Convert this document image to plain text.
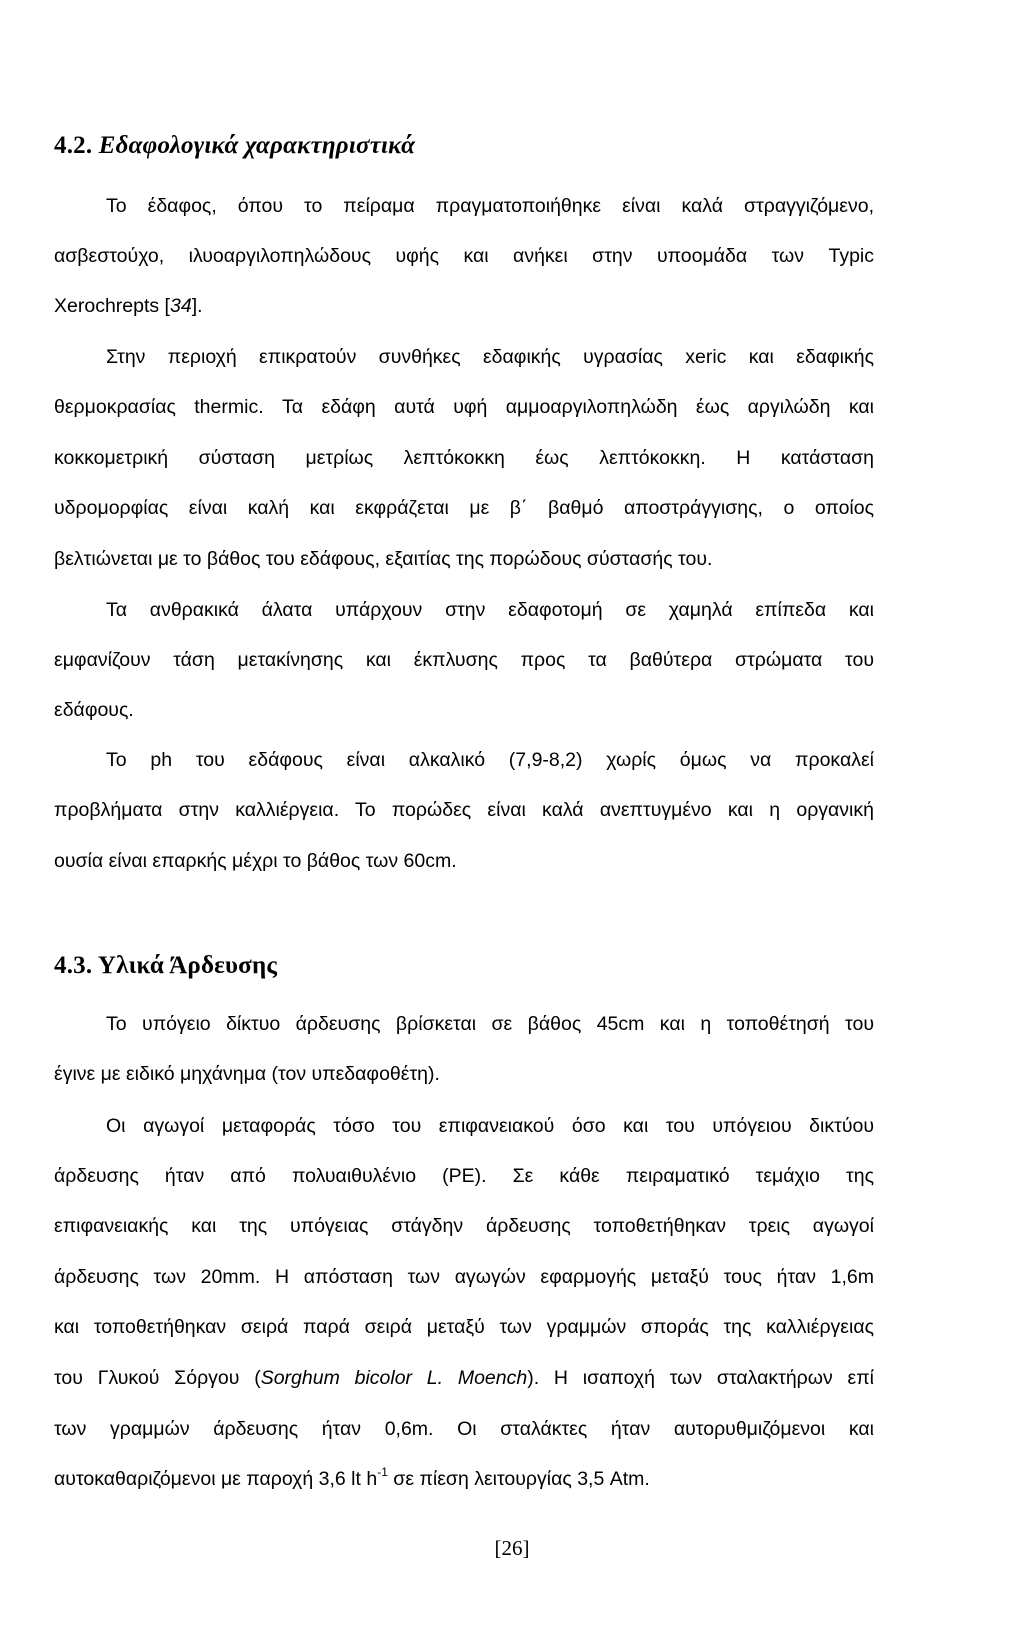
4.2. Εδαφολογικά χαρακτηριστικά
Το έδαφος, όπου το πείραμα πραγματοποιήθηκε είναι καλά στραγγιζόμενο,
ασβεστούχο, ιλυοαργιλοπηλώδους υφής και ανήκει στην υποομάδα των Typic
Xerochrepts [34].
Στην περιοχή επικρατούν συνθήκες εδαφικής υγρασίας xeric και εδαφικής
θερμοκρασίας thermic. Τα εδάφη αυτά υφή αμμοαργιλοπηλώδη έως αργιλώδη και
κοκκομετρική σύσταση μετρίως λεπτόκοκκη έως λεπτόκοκκη. Η κατάσταση
υδρομορφίας είναι καλή και εκφράζεται με β΄ βαθμό αποστράγγισης, ο οποίος
βελτιώνεται με το βάθος του εδάφους, εξαιτίας της πορώδους σύστασής του.
Τα ανθρακικά άλατα υπάρχουν στην εδαφοτομή σε χαμηλά επίπεδα και
εμφανίζουν τάση μετακίνησης και έκπλυσης προς τα βαθύτερα στρώματα του
εδάφους.
Το ph του εδάφους είναι αλκαλικό (7,9-8,2) χωρίς όμως να προκαλεί
προβλήματα στην καλλιέργεια. Το πορώδες είναι καλά ανεπτυγμένο και η οργανική
ουσία είναι επαρκής μέχρι το βάθος των 60cm.
4.3. Υλικά Άρδευσης
Το υπόγειο δίκτυο άρδευσης βρίσκεται σε βάθος 45cm και η τοποθέτησή του
έγινε με ειδικό μηχάνημα (τον υπεδαφοθέτη).
Οι αγωγοί μεταφοράς τόσο του επιφανειακού όσο και του υπόγειου δικτύου
άρδευσης ήταν από πολυαιθυλένιο (PE). Σε κάθε πειραματικό τεμάχιο της
επιφανειακής και της υπόγειας στάγδην άρδευσης τοποθετήθηκαν τρεις αγωγοί
άρδευσης των 20mm. Η απόσταση των αγωγών εφαρμογής μεταξύ τους ήταν 1,6m
και τοποθετήθηκαν σειρά παρά σειρά μεταξύ των γραμμών σποράς της καλλιέργειας
του Γλυκού Σόργου (Sorghum bicolor L. Moench). Η ισαποχή των σταλακτήρων επί
των γραμμών άρδευσης ήταν 0,6m. Οι σταλάκτες ήταν αυτορυθμιζόμενοι και
αυτοκαθαριζόμενοι με παροχή 3,6 lt $h^{-1}$ σε πίεση λειτουργίας 3,5 Atm.
[26]
